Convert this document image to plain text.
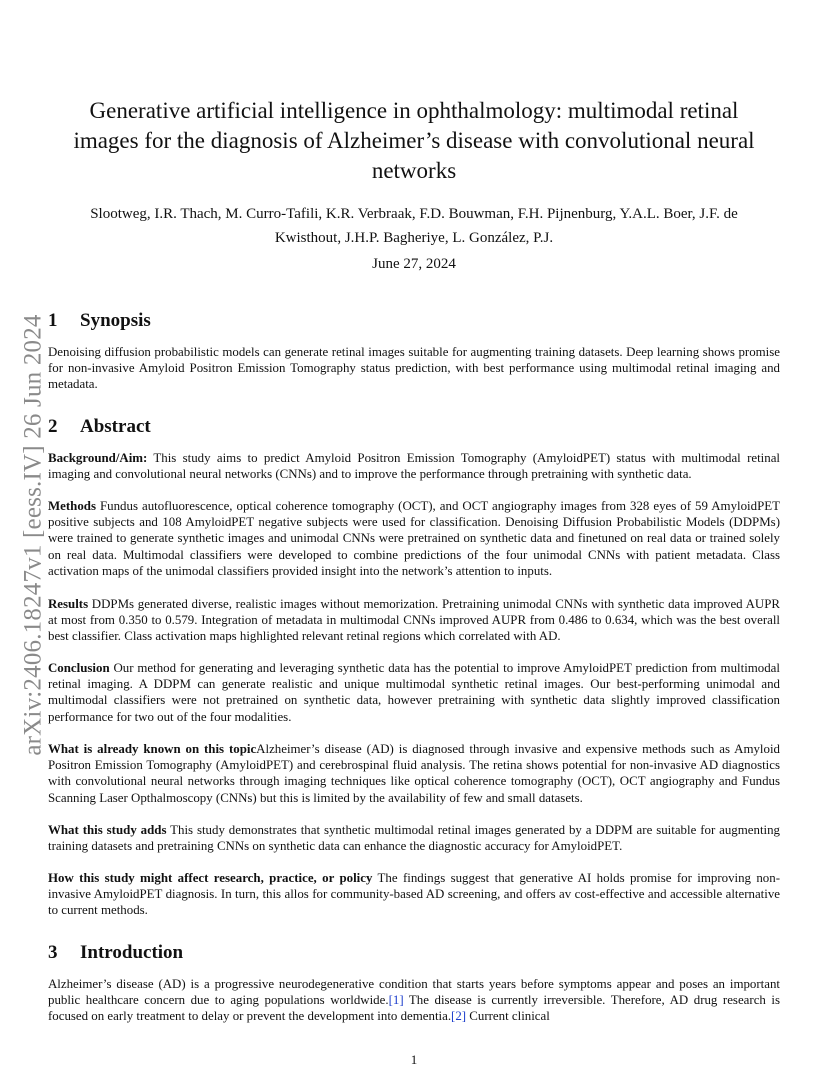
arXiv:2406.18247v1 [eess.IV] 26 Jun 2024
Generative artificial intelligence in ophthalmology: multimodal retinal images for the diagnosis of Alzheimer’s disease with convolutional neural networks
Slootweg, I.R. Thach, M. Curro-Tafili, K.R. Verbraak, F.D. Bouwman, F.H. Pijnenburg, Y.A.L. Boer, J.F. de Kwisthout, J.H.P. Bagheriye, L. González, P.J.
June 27, 2024
1 Synopsis

Denoising diffusion probabilistic models can generate retinal images suitable for augmenting training datasets. Deep learning shows promise for non-invasive Amyloid Positron Emission Tomography status prediction, with best performance using multimodal retinal imaging and metadata.

2 Abstract

Background/Aim: This study aims to predict Amyloid Positron Emission Tomography (AmyloidPET) status with multimodal retinal imaging and convolutional neural networks (CNNs) and to improve the performance through pretraining with synthetic data.

Methods Fundus autofluorescence, optical coherence tomography (OCT), and OCT angiography images from 328 eyes of 59 AmyloidPET positive subjects and 108 AmyloidPET negative subjects were used for classification. Denoising Diffusion Probabilistic Models (DDPMs) were trained to generate synthetic images and unimodal CNNs were pretrained on synthetic data and finetuned on real data or trained solely on real data. Multimodal classifiers were developed to combine predictions of the four unimodal CNNs with patient metadata. Class activation maps of the unimodal classifiers provided insight into the network’s attention to inputs.

Results DDPMs generated diverse, realistic images without memorization. Pretraining unimodal CNNs with synthetic data improved AUPR at most from 0.350 to 0.579. Integration of metadata in multimodal CNNs improved AUPR from 0.486 to 0.634, which was the best overall best classifier. Class activation maps highlighted relevant retinal regions which correlated with AD.

Conclusion Our method for generating and leveraging synthetic data has the potential to improve AmyloidPET prediction from multimodal retinal imaging. A DDPM can generate realistic and unique multimodal synthetic retinal images. Our best-performing unimodal and multimodal classifiers were not pretrained on synthetic data, however pretraining with synthetic data slightly improved classification performance for two out of the four modalities.

What is already known on this topicAlzheimer’s disease (AD) is diagnosed through invasive and expensive methods such as Amyloid Positron Emission Tomography (AmyloidPET) and cerebrospinal fluid analysis. The retina shows potential for non-invasive AD diagnostics with convolutional neural networks through imaging techniques like optical coherence tomography (OCT), OCT angiography and Fundus Scanning Laser Opthalmoscopy (CNNs) but this is limited by the availability of few and small datasets.

What this study adds This study demonstrates that synthetic multimodal retinal images generated by a DDPM are suitable for augmenting training datasets and pretraining CNNs on synthetic data can enhance the diagnostic accuracy for AmyloidPET.

How this study might affect research, practice, or policy The findings suggest that generative AI holds promise for improving non-invasive AmyloidPET diagnosis. In turn, this allos for community-based AD screening, and offers av cost-effective and accessible alternative to current methods.

3 Introduction

Alzheimer’s disease (AD) is a progressive neurodegenerative condition that starts years before symptoms appear and poses an important public healthcare concern due to aging populations worldwide.[1] The disease is currently irreversible. Therefore, AD drug research is focused on early treatment to delay or prevent the development into dementia.[2] Current clinical

1
